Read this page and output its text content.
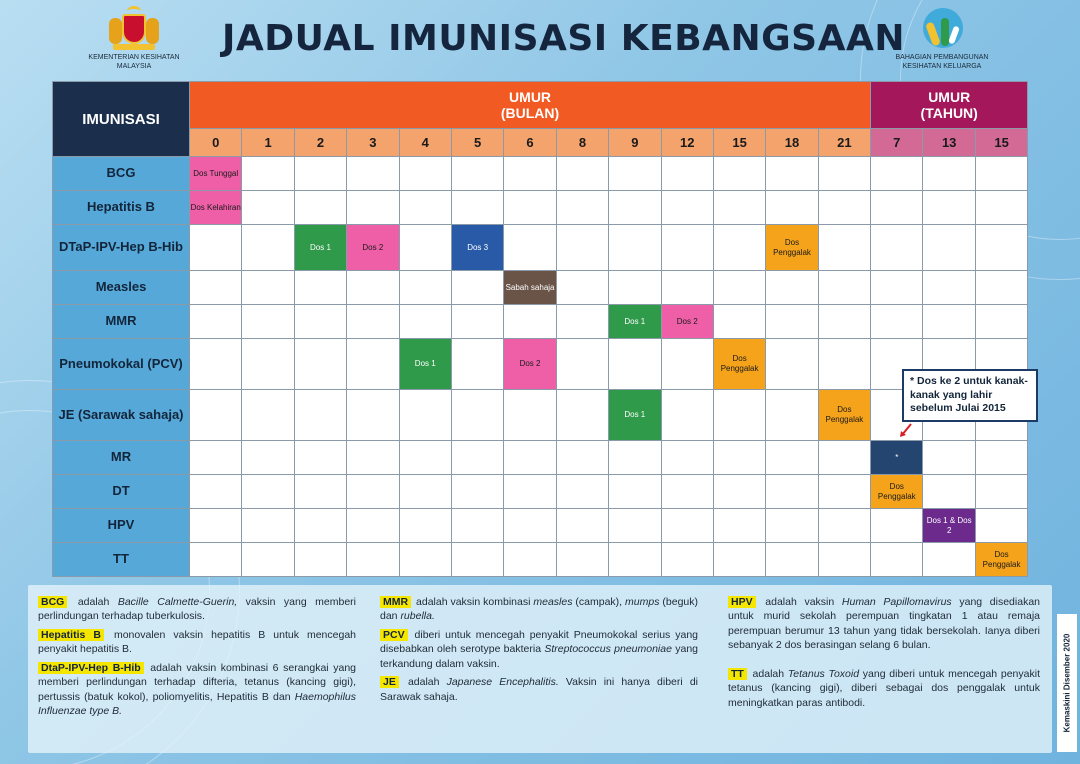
KEMENTERIAN KESIHATAN MALAYSIA
JADUAL IMUNISASI KEBANGSAAN
BAHAGIAN PEMBANGUNAN KESIHATAN KELUARGA
IMUNISASI	UMUR
(BULAN)													UMUR
(TAHUN)		
	0	1	2	3	4	5	6	8	9	12	15	18	21	7	13	15
BCG	Dos Tunggal															
Hepatitis B	Dos Kelahiran															
DTaP-IPV-Hep B-Hib			Dos 1	Dos 2		Dos 3						Dos Penggalak				
Measles							Sabah sahaja									
MMR									Dos 1	Dos 2						
Pneumokokal (PCV)					Dos 1		Dos 2				Dos Penggalak					
JE (Sarawak sahaja)									Dos 1				Dos Penggalak			
MR														*		
DT														Dos Penggalak		
HPV															Dos 1 & Dos 2	
TT																Dos Penggalak
* Dos ke 2 untuk kanak-kanak yang lahir sebelum Julai 2015
BCG adalah Bacille Calmette-Guerin, vaksin yang memberi perlindungan terhadap tuberkulosis.
Hepatitis B monovalen vaksin hepatitis B untuk mencegah penyakit hepatitis B.
DtaP-IPV-Hep B-Hib adalah vaksin kombinasi 6 serangkai yang memberi perlindungan terhadap difteria, tetanus (kancing gigi), pertussis (batuk kokol), poliomyelitis, Hepatitis B dan Haemophilus Influenzae type B.
MMR adalah vaksin kombinasi measles (campak), mumps (beguk) dan rubella.
PCV diberi untuk mencegah penyakit Pneumokokal serius yang disebabkan oleh serotype bakteria Streptococcus pneumoniae yang terkandung dalam vaksin.
JE adalah Japanese Encephalitis. Vaksin ini hanya diberi di Sarawak sahaja.
HPV adalah vaksin Human Papillomavirus yang disediakan untuk murid sekolah perempuan tingkatan 1 atau remaja perempuan berumur 13 tahun yang tidak bersekolah. Ianya diberi sebanyak 2 dos berasingan selang 6 bulan.
TT adalah Tetanus Toxoid yang diberi untuk mencegah penyakit tetanus (kancing gigi), diberi sebagai dos penggalak untuk meningkatkan paras antibodi.	Kemaskini Disember 2020
